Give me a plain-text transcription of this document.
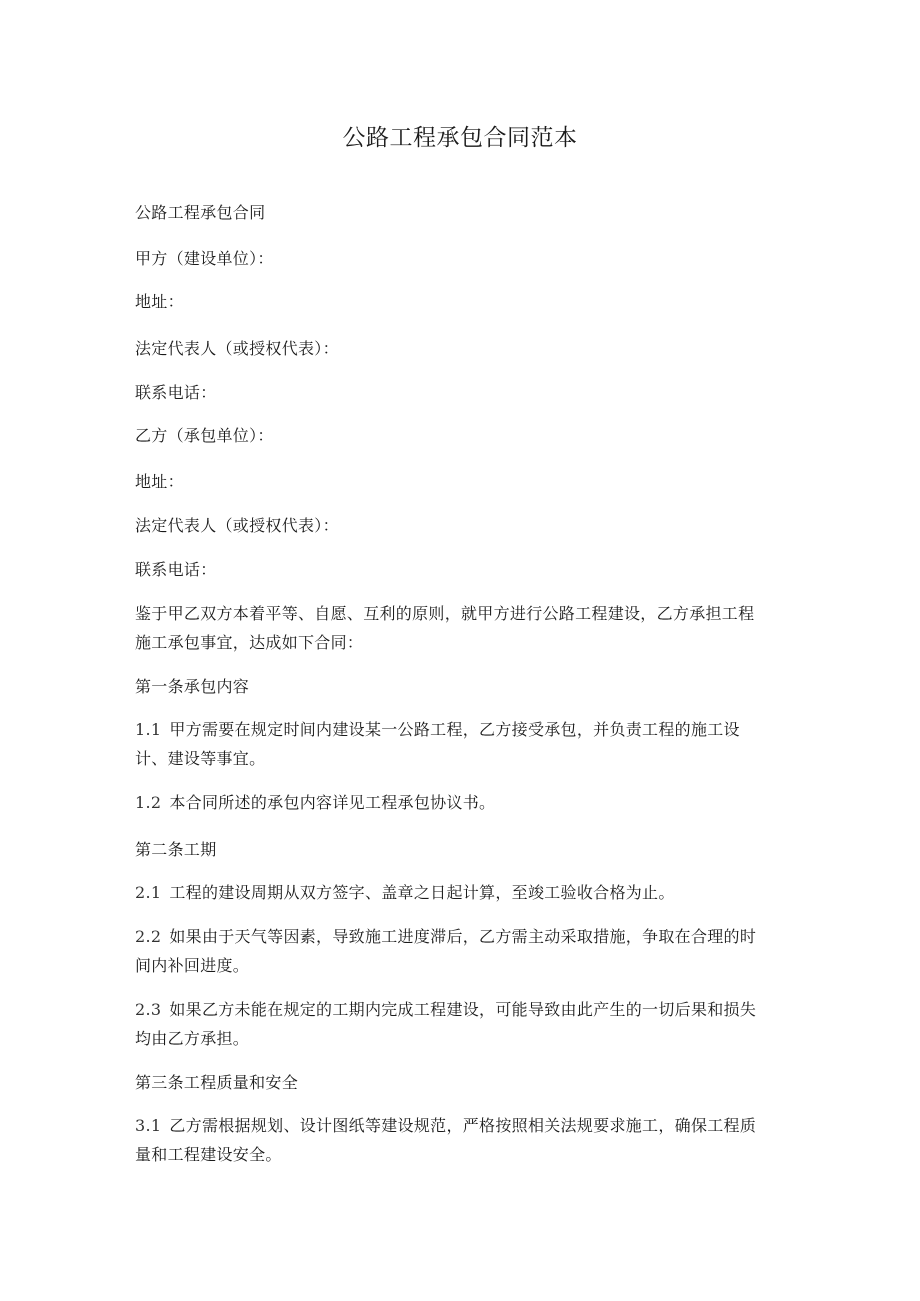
公路工程承包合同范本
公路工程承包合同
甲方（建设单位）：
地址：
法定代表人（或授权代表）：
联系电话：
乙方（承包单位）：
地址：
法定代表人（或授权代表）：
联系电话：
鉴于甲乙双方本着平等、自愿、互利的原则，就甲方进行公路工程建设，乙方承担工程
施工承包事宜，达成如下合同：
第一条承包内容
1.1 甲方需要在规定时间内建设某一公路工程，乙方接受承包，并负责工程的施工设
计、建设等事宜。
1.2 本合同所述的承包内容详见工程承包协议书。
第二条工期
2.1 工程的建设周期从双方签字、盖章之日起计算，至竣工验收合格为止。
2.2 如果由于天气等因素，导致施工进度滞后，乙方需主动采取措施，争取在合理的时
间内补回进度。
2.3 如果乙方未能在规定的工期内完成工程建设，可能导致由此产生的一切后果和损失
均由乙方承担。
第三条工程质量和安全
3.1 乙方需根据规划、设计图纸等建设规范，严格按照相关法规要求施工，确保工程质
量和工程建设安全。
